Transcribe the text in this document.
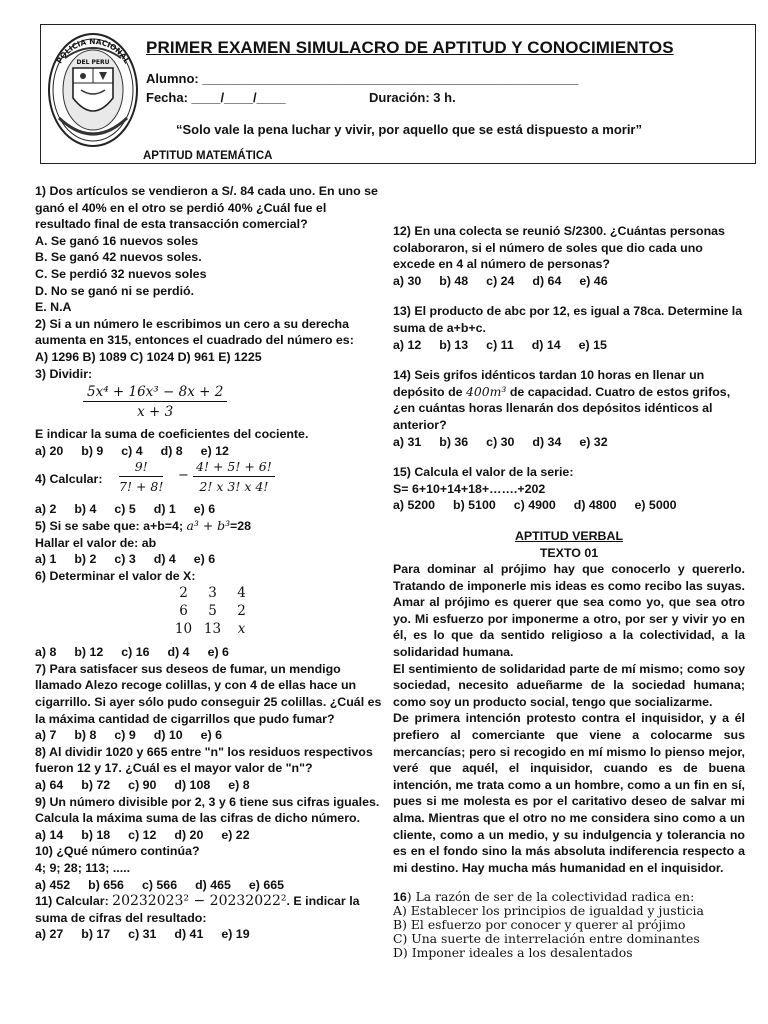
POLICIA NACIONAL
DEL PERU
PRIMER EXAMEN SIMULACRO DE APTITUD Y CONOCIMIENTOS
Alumno: ____________________________________________________
Fecha: ____/____/____	Duración: 3 h.
“Solo vale la pena luchar y vivir, por aquello que se está dispuesto a morir”
APTITUD MATEMÁTICA

1) Dos artículos se vendieron a S/. 84 cada uno. En uno se ganó el 40% en el otro se perdió 40% ¿Cuál fue el resultado final de esta transacción comercial?

A. Se ganó 16 nuevos soles

B. Se ganó 42 nuevos soles.

C. Se perdió 32 nuevos soles

D. No se ganó ni se perdió.

E. N.A

2) Si a un número le escribimos un cero a su derecha aumenta en 315, entonces el cuadrado del número es:

A) 1296 B) 1089 C) 1024 D) 961 E) 1225

3) Dividir:

$\frac{\text{5x⁴ + 16x³ − 8x + 2}}{x + 3}$

E indicar la suma de coeficientes del cociente.

a) 20 b) 9 c) 4 d) 8 e) 12

4) Calcular: $\frac{9!}{7! + 8!} - \frac{4! + 5! + 6!}{2! x 3! x 4!}$

a) 2 b) 4 c) 5 d) 1 e) 6

5) Si se sabe que: a+b=4; a³ + b³=28

Hallar el valor de: ab

a) 1 b) 2 c) 3 d) 4 e) 6

6) Determinar el valor de X:

2	3	4
6	5	2
10	13	x

a) 8 b) 12 c) 16 d) 4 e) 6

7) Para satisfacer sus deseos de fumar, un mendigo llamado Alezo recoge colillas, y con 4 de ellas hace un cigarrillo. Si ayer sólo pudo conseguir 25 colillas. ¿Cuál es la máxima cantidad de cigarrillos que pudo fumar?

a) 7 b) 8 c) 9 d) 10 e) 6

8) Al dividir 1020 y 665 entre "n" los residuos respectivos fueron 12 y 17. ¿Cuál es el mayor valor de "n"?

a) 64 b) 72 c) 90 d) 108 e) 8

9) Un número divisible por 2, 3 y 6 tiene sus cifras iguales. Calcula la máxima suma de las cifras de dicho número.

a) 14 b) 18 c) 12 d) 20 e) 22

10) ¿Qué número continúa?

4; 9; 28; 113; .....

a) 452 b) 656 c) 566 d) 465 e) 665

11) Calcular: 20232023² − 20232022². E indicar la suma de cifras del resultado:

a) 27 b) 17 c) 31 d) 41 e) 19

12) En una colecta se reunió S/2300. ¿Cuántas personas colaboraron, si el número de soles que dio cada uno excede en 4 al número de personas?

a) 30 b) 48 c) 24 d) 64 e) 46

13) El producto de abc por 12, es igual a 78ca. Determine la suma de a+b+c.

a) 12 b) 13 c) 11 d) 14 e) 15

14) Seis grifos idénticos tardan 10 horas en llenar un depósito de 400m³ de capacidad. Cuatro de estos grifos, ¿en cuántas horas llenarán dos depósitos idénticos al anterior?

a) 31 b) 36 c) 30 d) 34 e) 32

15) Calcula el valor de la serie:

S= 6+10+14+18+…….+202

a) 5200 b) 5100 c) 4900 d) 4800 e) 5000

APTITUD VERBAL

TEXTO 01

Para dominar al prójimo hay que conocerlo y quererlo. Tratando de imponerle mis ideas es como recibo las suyas. Amar al prójimo es querer que sea como yo, que sea otro yo. Mi esfuerzo por imponerme a otro, por ser y vivir yo en él, es lo que da sentido religioso a la colectividad, a la solidaridad humana.

El sentimiento de solidaridad parte de mí mismo; como soy sociedad, necesito adueñarme de la sociedad humana; como soy un producto social, tengo que socializarme.

De primera intención protesto contra el inquisidor, y a él prefiero al comerciante que viene a colocarme sus mercancías; pero si recogido en mí mismo lo pienso mejor, veré que aquél, el inquisidor, cuando es de buena intención, me trata como a un hombre, como a un fin en sí, pues si me molesta es por el caritativo deseo de salvar mi alma. Mientras que el otro no me considera sino como a un cliente, como a un medio, y su indulgencia y tolerancia no es en el fondo sino la más absoluta indiferencia respecto a mi destino. Hay mucha más humanidad en el inquisidor.

16) La razón de ser de la colectividad radica en:

A) Establecer los principios de igualdad y justicia

B) El esfuerzo por conocer y querer al prójimo

C) Una suerte de interrelación entre dominantes

D) Imponer ideales a los desalentados
